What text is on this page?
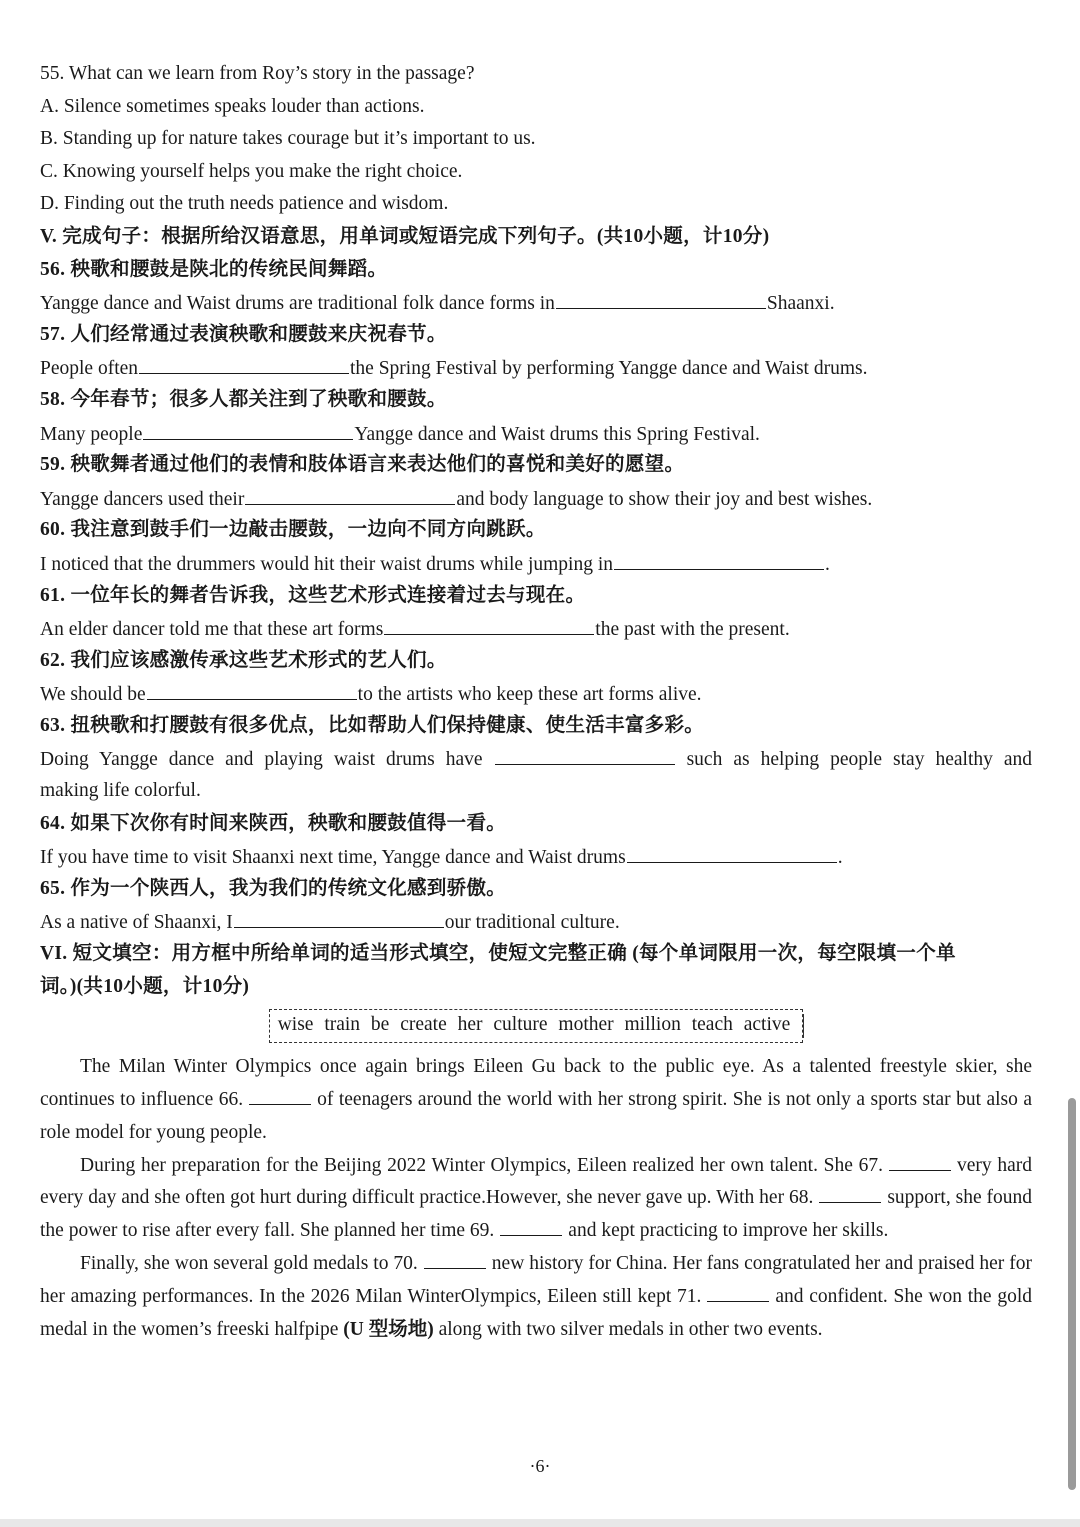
55. What can we learn from Roy’s story in the passage?
A. Silence sometimes speaks louder than actions.
B. Standing up for nature takes courage but it’s important to us.
C. Knowing yourself helps you make the right choice.
D. Finding out the truth needs patience and wisdom.
V. 完成句子：根据所给汉语意思，用单词或短语完成下列句子。(共10小题，计10分)
56. 秧歌和腰鼓是陕北的传统民间舞蹈。
Yangge dance and Waist drums are traditional folk dance forms in	Shaanxi.
57. 人们经常通过表演秧歌和腰鼓来庆祝春节。
People often	the Spring Festival by performing Yangge dance and Waist drums.
58. 今年春节；很多人都关注到了秧歌和腰鼓。
Many people	Yangge dance and Waist drums this Spring Festival.
59. 秧歌舞者通过他们的表情和肢体语言来表达他们的喜悦和美好的愿望。
Yangge dancers used their	and body language to show their joy and best wishes.
60. 我注意到鼓手们一边敲击腰鼓，一边向不同方向跳跃。
I noticed that the drummers would hit their waist drums while jumping in	.
61. 一位年长的舞者告诉我，这些艺术形式连接着过去与现在。
An elder dancer told me that these art forms	the past with the present.
62. 我们应该感激传承这些艺术形式的艺人们。
We should be	to the artists who keep these art forms alive.
63. 扭秧歌和打腰鼓有很多优点，比如帮助人们保持健康、使生活丰富多彩。
Doing Yangge dance and playing waist drums have	such as helping people stay healthy and
making life colorful.
64. 如果下次你有时间来陕西，秧歌和腰鼓值得一看。
If you have time to visit Shaanxi next time, Yangge dance and Waist drums	.
65. 作为一个陕西人，我为我们的传统文化感到骄傲。
As a native of Shaanxi, I	our traditional culture.
VI. 短文填空：用方框中所给单词的适当形式填空，使短文完整正确 (每个单词限用一次，每空限填一个单
词。)(共10小题，计10分)
wise train be create her culture mother million teach active
The Milan Winter Olympics once again brings Eileen Gu back to the public eye. As a talented freestyle skier, she continues to influence 66.	of teenagers around the world with her strong spirit. She is not only a sports star but also a role model for young people.
During her preparation for the Beijing 2022 Winter Olympics, Eileen realized her own talent. She 67.	very hard every day and she often got hurt during difficult practice.However, she never gave up. With her 68.	support, she found the power to rise after every fall. She planned her time 69.	and kept practicing to improve her skills.
Finally, she won several gold medals to 70.	new history for China. Her fans congratulated her and praised her for her amazing performances. In the 2026 Milan WinterOlympics, Eileen still kept 71.	and confident. She won the gold medal in the women’s freeski halfpipe (U 型场地) along with two silver medals in other two events.
·6·
